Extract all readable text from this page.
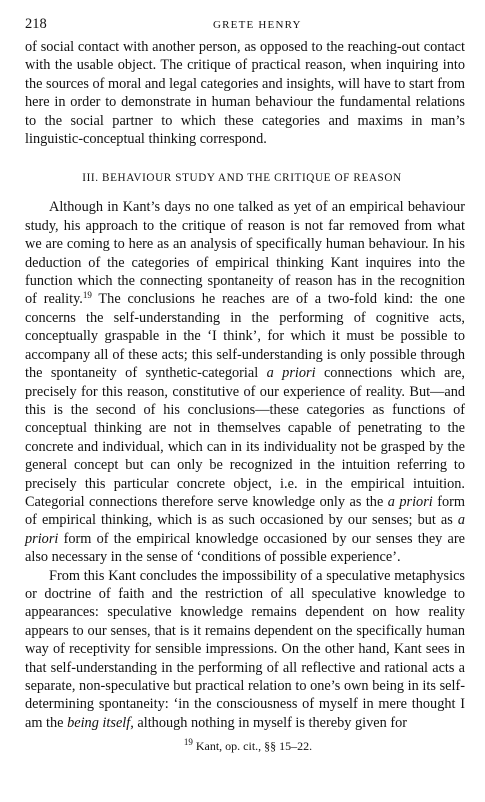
218	GRETE HENRY

of social contact with another person, as opposed to the reaching-out contact with the usable object. The critique of practical reason, when inquiring into the sources of moral and legal categories and insights, will have to start from here in order to demonstrate in human behaviour the fundamental relations to the social partner to which these categories and maxims in man’s linguistic-conceptual thinking correspond.

III. BEHAVIOUR STUDY AND THE CRITIQUE OF REASON

Although in Kant’s days no one talked as yet of an empirical behaviour study, his approach to the critique of reason is not far removed from what we are coming to here as an analysis of specifically human behaviour. In his deduction of the categories of empirical thinking Kant inquires into the function which the connecting spontaneity of reason has in the recognition of reality.$^{19}$ The conclusions he reaches are of a two-fold kind: the one concerns the self-understanding in the performing of cognitive acts, conceptually graspable in the ‘I think’, for which it must be possible to accompany all of these acts; this self-understanding is only possible through the spontaneity of synthetic-categorial a priori connections which are, precisely for this reason, constitutive of our experience of reality. But—and this is the second of his conclusions—these categories as functions of conceptual thinking are not in themselves capable of penetrating to the concrete and individual, which can in its individuality not be grasped by the general concept but can only be recognized in the intuition referring to precisely this particular concrete object, i.e. in the empirical intuition. Categorial connections therefore serve knowledge only as the a priori form of empirical thinking, which is as such occasioned by our senses; but as a priori form of the empirical knowledge occasioned by our senses they are also necessary in the sense of ‘conditions of possible experience’.

From this Kant concludes the impossibility of a speculative metaphysics or doctrine of faith and the restriction of all speculative knowledge to appearances: speculative knowledge remains dependent on how reality appears to our senses, that is it remains dependent on the specifically human way of receptivity for sensible impressions. On the other hand, Kant sees in that self-understanding in the performing of all reflective and rational acts a separate, non-speculative but practical relation to one’s own being in its self-determining spontaneity: ‘in the consciousness of myself in mere thought I am the being itself, although nothing in myself is thereby given for

$^{19}$ Kant, op. cit., §§ 15–22.
